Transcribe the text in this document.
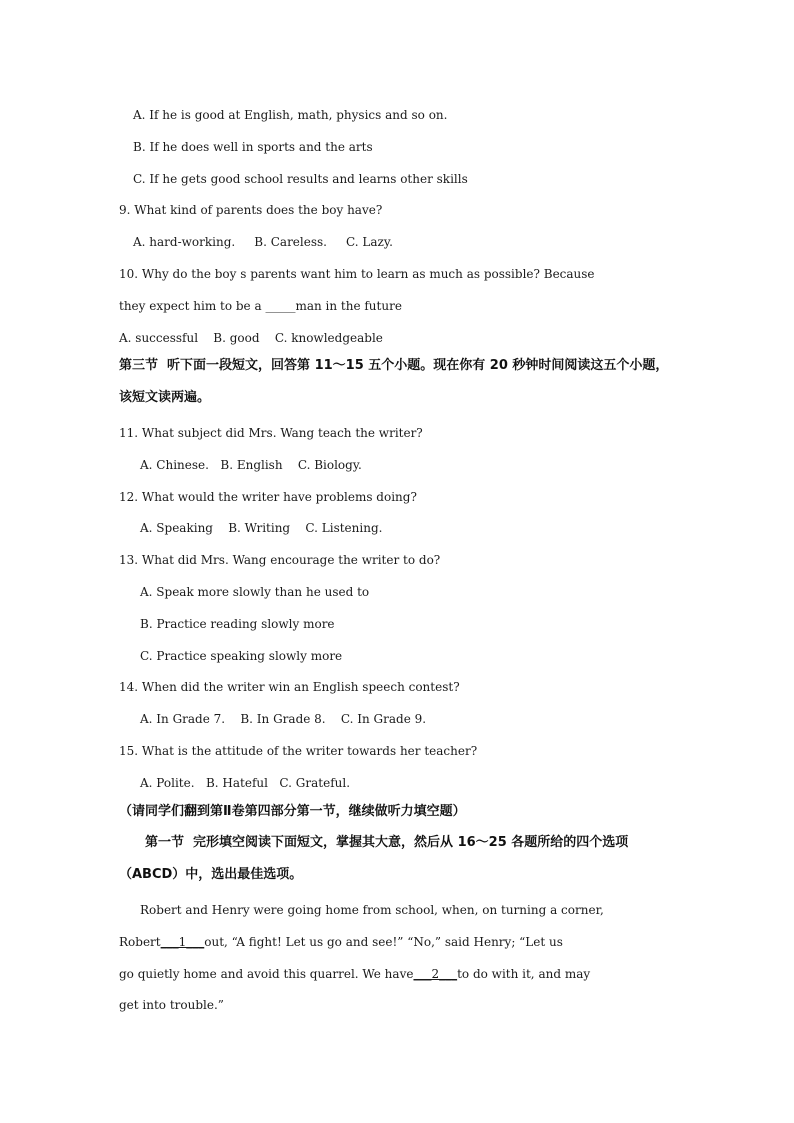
A. If he is good at English, math, physics and so on.
B. If he does well in sports and the arts
C. If he gets good school results and learns other skills
9. What kind of parents does the boy have?
A. hard-working.     B. Careless.     C. Lazy.
10. Why do the boy s parents want him to learn as much as possible? Because
they expect him to be a _____man in the future
A. successful    B. good    C. knowledgeable
第三节  听下面一段短文，回答第 11～15 五个小题。现在你有 20 秒钟时间阅读这五个小题，
该短文读两遍。
11. What subject did Mrs. Wang teach the writer?
A. Chinese.   B. English    C. Biology.
12. What would the writer have problems doing?
A. Speaking    B. Writing    C. Listening.
13. What did Mrs. Wang encourage the writer to do?
A. Speak more slowly than he used to
B. Practice reading slowly more
C. Practice speaking slowly more
14. When did the writer win an English speech contest?
A. In Grade 7.    B. In Grade 8.    C. In Grade 9.
15. What is the attitude of the writer towards her teacher?
A. Polite.   B. Hateful   C. Grateful.
（请同学们翻到第Ⅱ卷第四部分第一节，继续做听力填空题）
第一节  完形填空阅读下面短文，掌握其大意，然后从 16～25 各题所给的四个选项
（ABCD）中，选出最佳选项。
Robert and Henry were going home from school, when, on turning a corner,
Robert___1___out, “A fight! Let us go and see!” “No,” said Henry; “Let us
go quietly home and avoid this quarrel. We have___2___to do with it, and may
get into trouble.”
